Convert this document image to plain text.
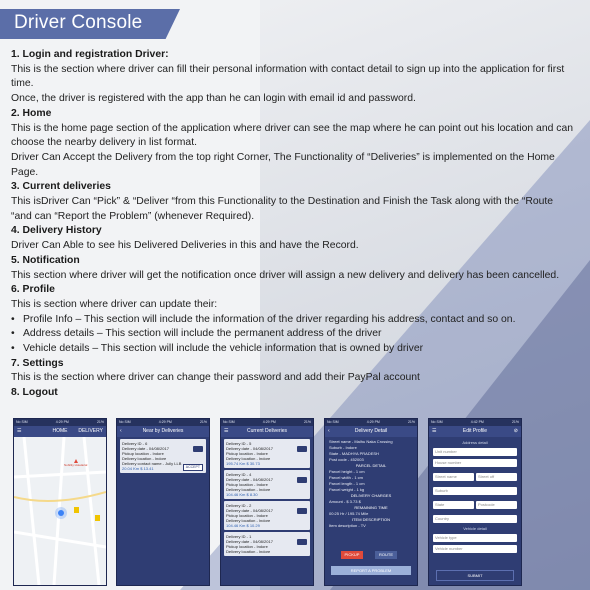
Driver Console

1. Login and registration Driver:

This is the section where driver can fill their personal information with contact detail to sign up into the application for first time.

Once, the driver is registered with the app than he can login with email id and password.

2. Home

This is the home page section of the application where driver can see the map where he can point out his location and can choose the nearby delivery in list format.

Driver Can Accept the Delivery from the top right Corner, The Functionality of “Deliveries” is implemented on the Home Page.

3. Current deliveries

This isDriver Can “Pick” & “Deliver “from this Functionality to the Destination and Finish the Task along with the “Route “and can “Report the Problem” (whenever Required).

4. Delivery History

Driver Can Able to see his Delivered Deliveries in this and have the Record.

5. Notification

This section where driver will get the notification once driver will assign a new delivery and delivery has been cancelled.

6. Profile

This is section where driver can update their:

• Profile Info – This section will include the information of the driver regarding his address, contact and so on.
• Address details – This section will include the permanent address of the driver
• Vehicle details – This section will include the vehicle information that is owned by driver

7. Settings

This is the section where driver can change their password and add their PayPal account

8. Logout

No SIM	4:29 PM	21%
☰	HOME DELIVERY
Nobility Hotelarial
No SIM	4:29 PM	21%
‹	Near by Deliveries
Delivery ID - 6
Delivery date - 04/08/2017
Pickup location - Indore
Delivery location - Indore
Delivery contact name - Jully LLB
20.04 Km $ 13.41	ACCEPT
No SIM	4:29 PM	21%
☰	Current Deliveries
Delivery ID - 5
Delivery date - 04/08/2017
Pickup location - Indore
Delivery location - Indore
195.74 Km $ 30.73
Delivery ID - 4
Delivery date - 04/08/2017
Pickup location - Indore
Delivery location - Indore
104.46 Km $ 8.30
Delivery ID - 2
Delivery date - 04/08/2017
Pickup location - Indore
Delivery location - Indore
104.46 Km $ 10.29
Delivery ID - 1
Delivery date - 04/08/2017
Pickup location - Indore
Delivery location - Indore
No SIM	4:29 PM	21%
‹	Delivery Detail
Street name - Malhu Naka Crossing
Suburb - Indore
State - MADHYA PRADESH
Post code - 452003
PARCEL DETAIL
Parcel height - 1 cm
Parcel width - 1 cm
Parcel length - 1 cm
Parcel weight - 1 kg
DELIVERY CHARGES
Amount - $ 3.73 $
REMAINING TIME
00:25 Hr / 195.74 Mile
ITEM DESCRIPTION
Item description - TV
PICKUP	ROUTE
REPORT A PROBLEM
No SIM	4:42 PM	21%
☰	Edit Profile	⊘
Address detail
Unit number
House number
Street name	Street off
Suburb
State	Postcode
Country
Vehicle detail
Vehicle type
Vehicle number
SUBMIT
